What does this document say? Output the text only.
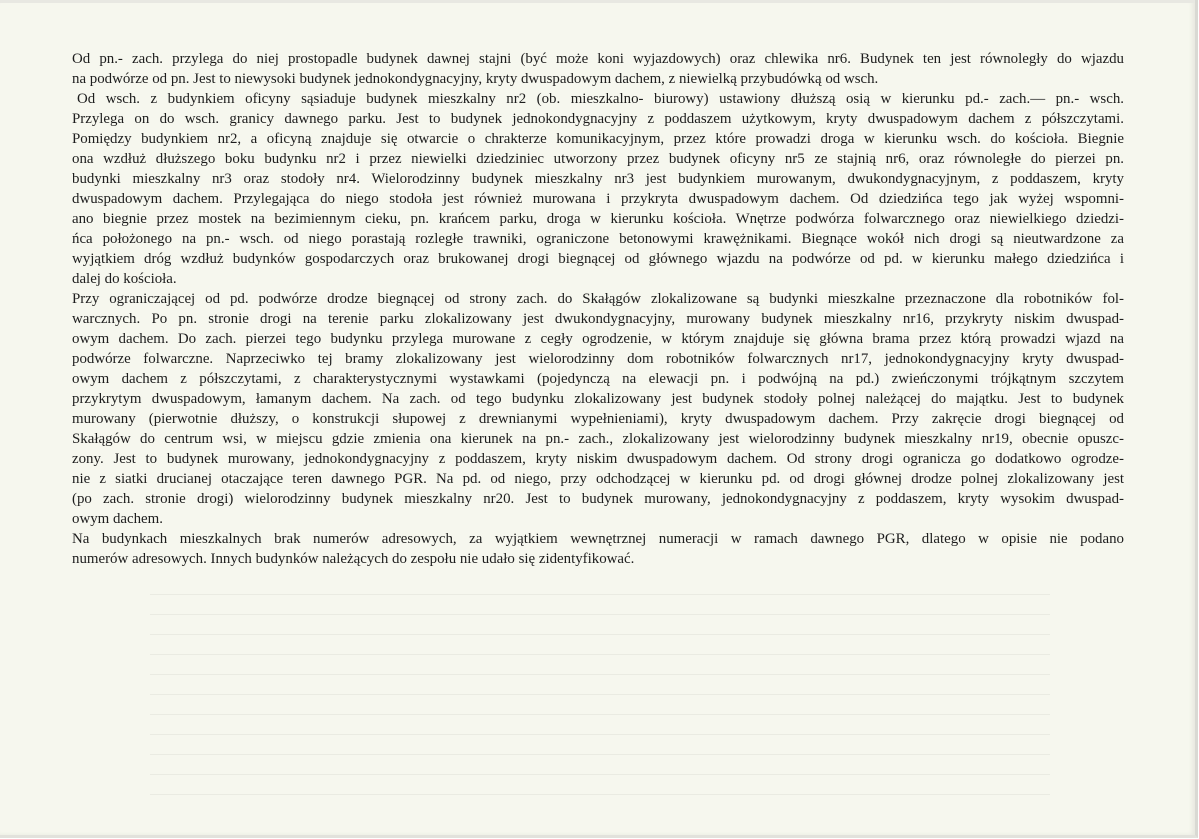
Od pn.- zach. przylega do niej prostopadle budynek dawnej stajni (być może koni wyjazdowych) oraz chlewika nr6. Budynek ten jest równoległy do wjazdu
na podwórze od pn. Jest to niewysoki budynek jednokondygnacyjny, kryty dwuspadowym dachem, z niewielką przybudówką od wsch.

Od wsch. z budynkiem oficyny sąsiaduje budynek mieszkalny nr2 (ob. mieszkalno- biurowy) ustawiony dłuższą osią w kierunku pd.- zach.— pn.- wsch.
Przylega on do wsch. granicy dawnego parku. Jest to budynek jednokondygnacyjny z poddaszem użytkowym, kryty dwuspadowym dachem z półszczytami.
Pomiędzy budynkiem nr2, a oficyną znajduje się otwarcie o chrakterze komunikacyjnym, przez które prowadzi droga w kierunku wsch. do kościoła. Biegnie
ona wzdłuż dłuższego boku budynku nr2 i przez niewielki dziedziniec utworzony przez budynek oficyny nr5 ze stajnią nr6, oraz równoległe do pierzei pn.
budynki mieszkalny nr3 oraz stodoły nr4. Wielorodzinny budynek mieszkalny nr3 jest budynkiem murowanym, dwukondygnacyjnym, z poddaszem, kryty
dwuspadowym dachem. Przylegająca do niego stodoła jest również murowana i przykryta dwuspadowym dachem. Od dziedzińca tego jak wyżej wspomni-
ano biegnie przez mostek na bezimiennym cieku, pn. krańcem parku, droga w kierunku kościoła. Wnętrze podwórza folwarcznego oraz niewielkiego dziedzi-
ńca położonego na pn.- wsch. od niego porastają rozległe trawniki, ograniczone betonowymi krawężnikami. Biegnące wokół nich drogi są nieutwardzone za
wyjątkiem dróg wzdłuż budynków gospodarczych oraz brukowanej drogi biegnącej od głównego wjazdu na podwórze od pd. w kierunku małego dziedzińca i
dalej do kościoła.

Przy ograniczającej od pd. podwórze drodze biegnącej od strony zach. do Skałągów zlokalizowane są budynki mieszkalne przeznaczone dla robotników fol-
warcznych. Po pn. stronie drogi na terenie parku zlokalizowany jest dwukondygnacyjny, murowany budynek mieszkalny nr16, przykryty niskim dwuspad-
owym dachem. Do zach. pierzei tego budynku przylega murowane z cegły ogrodzenie, w którym znajduje się główna brama przez którą prowadzi wjazd na
podwórze folwarczne. Naprzeciwko tej bramy zlokalizowany jest wielorodzinny dom robotników folwarcznych nr17, jednokondygnacyjny kryty dwuspad-
owym dachem z półszczytami, z charakterystycznymi wystawkami (pojedynczą na elewacji pn. i podwójną na pd.) zwieńczonymi trójkątnym szczytem
przykrytym dwuspadowym, łamanym dachem. Na zach. od tego budynku zlokalizowany jest budynek stodoły polnej należącej do majątku. Jest to budynek
murowany (pierwotnie dłuższy, o konstrukcji słupowej z drewnianymi wypełnieniami), kryty dwuspadowym dachem. Przy zakręcie drogi biegnącej od
Skałągów do centrum wsi, w miejscu gdzie zmienia ona kierunek na pn.- zach., zlokalizowany jest wielorodzinny budynek mieszkalny nr19, obecnie opuszc-
zony. Jest to budynek murowany, jednokondygnacyjny z poddaszem, kryty niskim dwuspadowym dachem. Od strony drogi ogranicza go dodatkowo ogrodze-
nie z siatki drucianej otaczające teren dawnego PGR. Na pd. od niego, przy odchodzącej w kierunku pd. od drogi głównej drodze polnej zlokalizowany jest
(po zach. stronie drogi) wielorodzinny budynek mieszkalny nr20. Jest to budynek murowany, jednokondygnacyjny z poddaszem, kryty wysokim dwuspad-
owym dachem.

Na budynkach mieszkalnych brak numerów adresowych, za wyjątkiem wewnętrznej numeracji w ramach dawnego PGR, dlatego w opisie nie podano
numerów adresowych. Innych budynków należących do zespołu nie udało się zidentyfikować.
